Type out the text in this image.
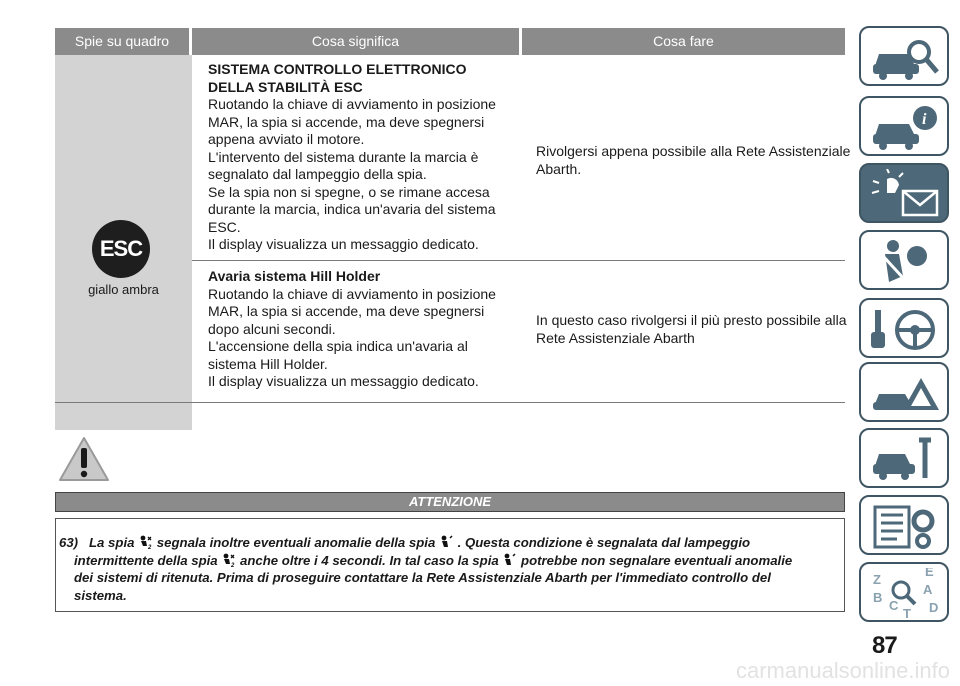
Spie su quadro	Cosa significa	Cosa fare
ESC
giallo ambra
SISTEMA CONTROLLO ELETTRONICO
DELLA STABILITÀ ESC
Ruotando la chiave di avviamento in posizione
MAR, la spia si accende, ma deve spegnersi
appena avviato il motore.
L'intervento del sistema durante la marcia è
segnalato dal lampeggio della spia.
Se la spia non si spegne, o se rimane accesa
durante la marcia, indica un'avaria del sistema
ESC.
Il display visualizza un messaggio dedicato.
Rivolgersi appena possibile alla Rete Assistenziale
Abarth.
Avaria sistema Hill Holder
Ruotando la chiave di avviamento in posizione
MAR, la spia si accende, ma deve spegnersi
dopo alcuni secondi.
L'accensione della spia indica un'avaria al
sistema Hill Holder.
Il display visualizza un messaggio dedicato.
In questo caso rivolgersi il più presto possibile alla
Rete Assistenziale Abarth
ATTENZIONE
63) La spia 2 segnala inoltre eventuali anomalie della spia . Questa condizione è segnalata dal lampeggio
intermittente della spia 2 anche oltre i 4 secondi. In tal caso la spia potrebbe non segnalare eventuali anomalie
dei sistemi di ritenuta. Prima di proseguire contattare la Rete Assistenziale Abarth per l'immediato controllo del
sistema.
i
Z
E
A
B
C
T D
87
carmanualsonline.info
